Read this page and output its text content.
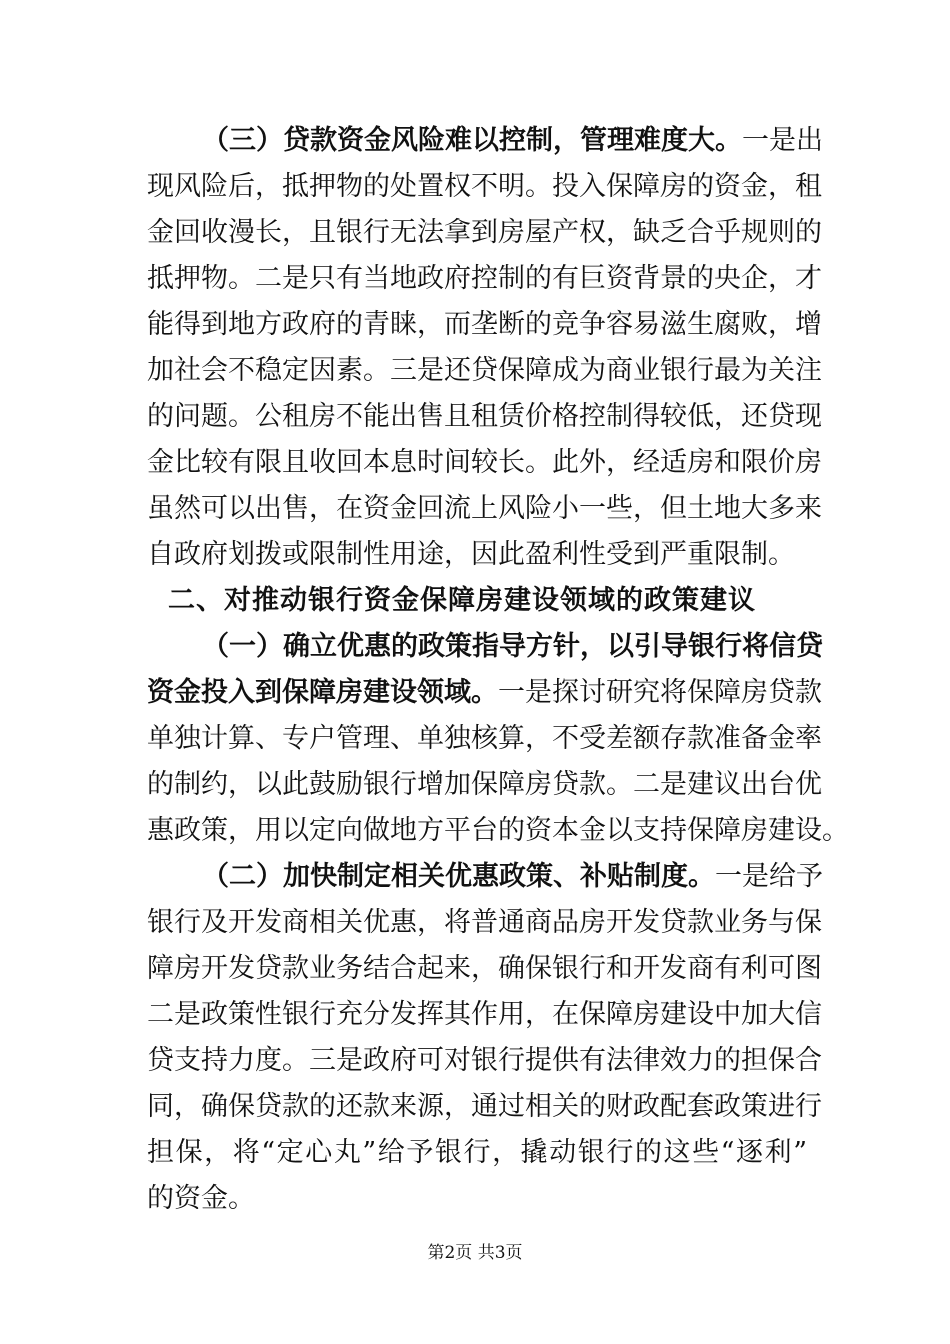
（三）贷款资金风险难以控制，管理难度大。一是出
现风险后，抵押物的处置权不明。投入保障房的资金，租
金回收漫长，且银行无法拿到房屋产权，缺乏合乎规则的
抵押物。二是只有当地政府控制的有巨资背景的央企，才
能得到地方政府的青睐，而垄断的竞争容易滋生腐败，增
加社会不稳定因素。三是还贷保障成为商业银行最为关注
的问题。公租房不能出售且租赁价格控制得较低，还贷现
金比较有限且收回本息时间较长。此外，经适房和限价房
虽然可以出售，在资金回流上风险小一些，但土地大多来
自政府划拨或限制性用途，因此盈利性受到严重限制。
二、对推动银行资金保障房建设领域的政策建议
（一）确立优惠的政策指导方针，以引导银行将信贷
资金投入到保障房建设领域。一是探讨研究将保障房贷款
单独计算、专户管理、单独核算，不受差额存款准备金率
的制约，以此鼓励银行增加保障房贷款。二是建议出台优
惠政策，用以定向做地方平台的资本金以支持保障房建设。
（二）加快制定相关优惠政策、补贴制度。一是给予
银行及开发商相关优惠，将普通商品房开发贷款业务与保
障房开发贷款业务结合起来，确保银行和开发商有利可图
二是政策性银行充分发挥其作用，在保障房建设中加大信
贷支持力度。三是政府可对银行提供有法律效力的担保合
同，确保贷款的还款来源，通过相关的财政配套政策进行
担保，将“定心丸”给予银行，撬动银行的这些“逐利”
的资金。
第2页 共3页
